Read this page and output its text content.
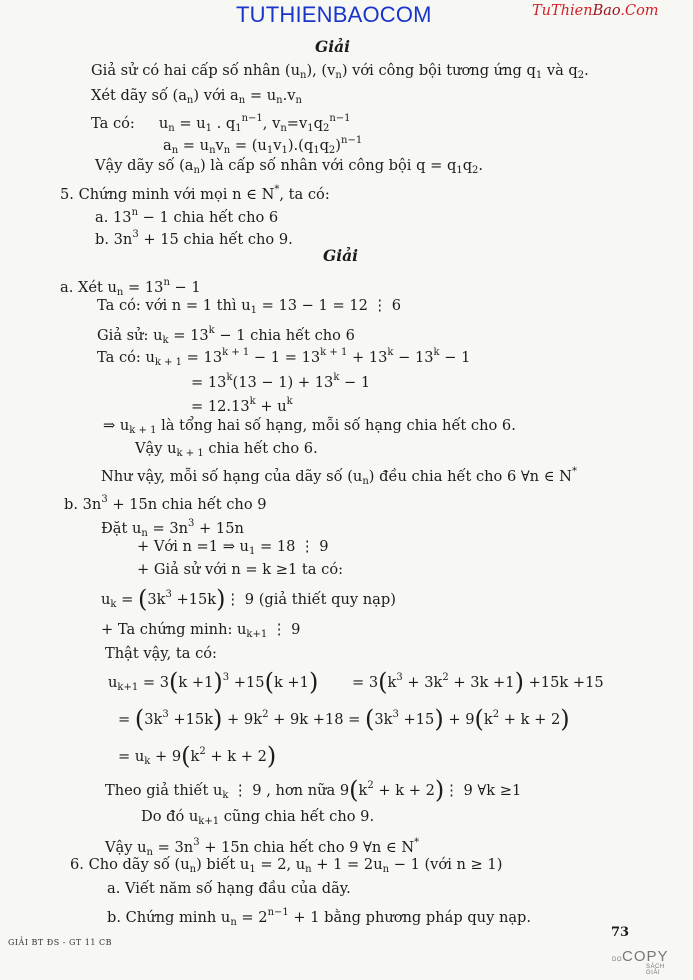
TUTHIENBAOCOM	TuThienBao.Com
Giải
Giả sử có hai cấp số nhân $(u_n)$, $(v_n)$ với công bội tương ứng $q_1$ và $q_2$.
Xét dãy số $(a_n)$ với $a_n = u_n.v_n$
Ta có: $u_n = u_1$ . $q_1^{n-1}$, $v_n=v_1q_2^{n-1}$
$a_n = u_nv_n = (u_1v_1).(q_1q_2)^{n-1}$
Vậy dãy số $(a_n)$ là cấp số nhân với công bội $q = q_1q_2$.
5. Chứng minh với mọi n ∈ N*, ta có:
a. $13^n - 1$ chia hết cho 6
b. $3n^3 + 15$ chia hết cho 9.
Giải
a. Xét $u_n = 13^n - 1$
Ta có: với n = 1 thì $u_1 = 13 - 1 = 12$ ⋮ 6
Giả sử: $u_k = 13^k - 1$ chia hết cho 6
Ta có: $u_{k + 1} = 13^{k + 1} - 1 = 13^{k + 1} + 13^k - 13^k - 1$
= $13^k(13 - 1) + 13^k - 1$
= $12.13^k + u^k$
⇒ $u_{k + 1}$ là tổng hai số hạng, mỗi số hạng chia hết cho 6.
Vậy $u_{k + 1}$ chia hết cho 6.
Như vậy, mỗi số hạng của dãy số $(u_n)$ đều chia hết cho 6 ∀n ∈ N*
b. $3n^3 + 15n$ chia hết cho 9
Đặt $u_n = 3n^3 + 15n$
+ Với n =1 ⇒ $u_1 = 18$ ⋮ 9
+ Giả sử với n = k ≥1 ta có:
$u_k = (3k^3$ +15k)⋮ 9 (giả thiết quy nạp)
+ Ta chứng minh: $u_{k+1}$ ⋮ 9
Thật vậy, ta có:
$u_{k+1} = 3(k +1)^3 +15(k +1) = 3(k^3 + 3k^2 + 3k +1) +15k +15$
= $(3k^3 +15k) + 9k^2 + 9k +18 = (3k^3 +15) + 9(k^2 + k + 2)$
= $u_k + 9(k^2 + k + 2)$
Theo giả thiết $u_k$ ⋮ 9 , hơn nữa $9(k^2 + k$ + 2)⋮ 9 ∀k ≥1
Do đó $u_{k+1}$ cũng chia hết cho 9.
Vậy $u_n = 3n^3 + 15n$ chia hết cho 9 ∀n ∈ N*
6. Cho dãy số $(u_n)$ biết $u_1 = 2$, $u_n + 1 = 2u_n - 1$ (với n ≥ 1)
a. Viết năm số hạng đầu của dãy.
b. Chứng minh $u_n = 2^{n-1} + 1$ bằng phương pháp quy nạp.
73
GIẢI BT ĐS - GT 11 CB
DOCOPY
SÁCH GIẢI
